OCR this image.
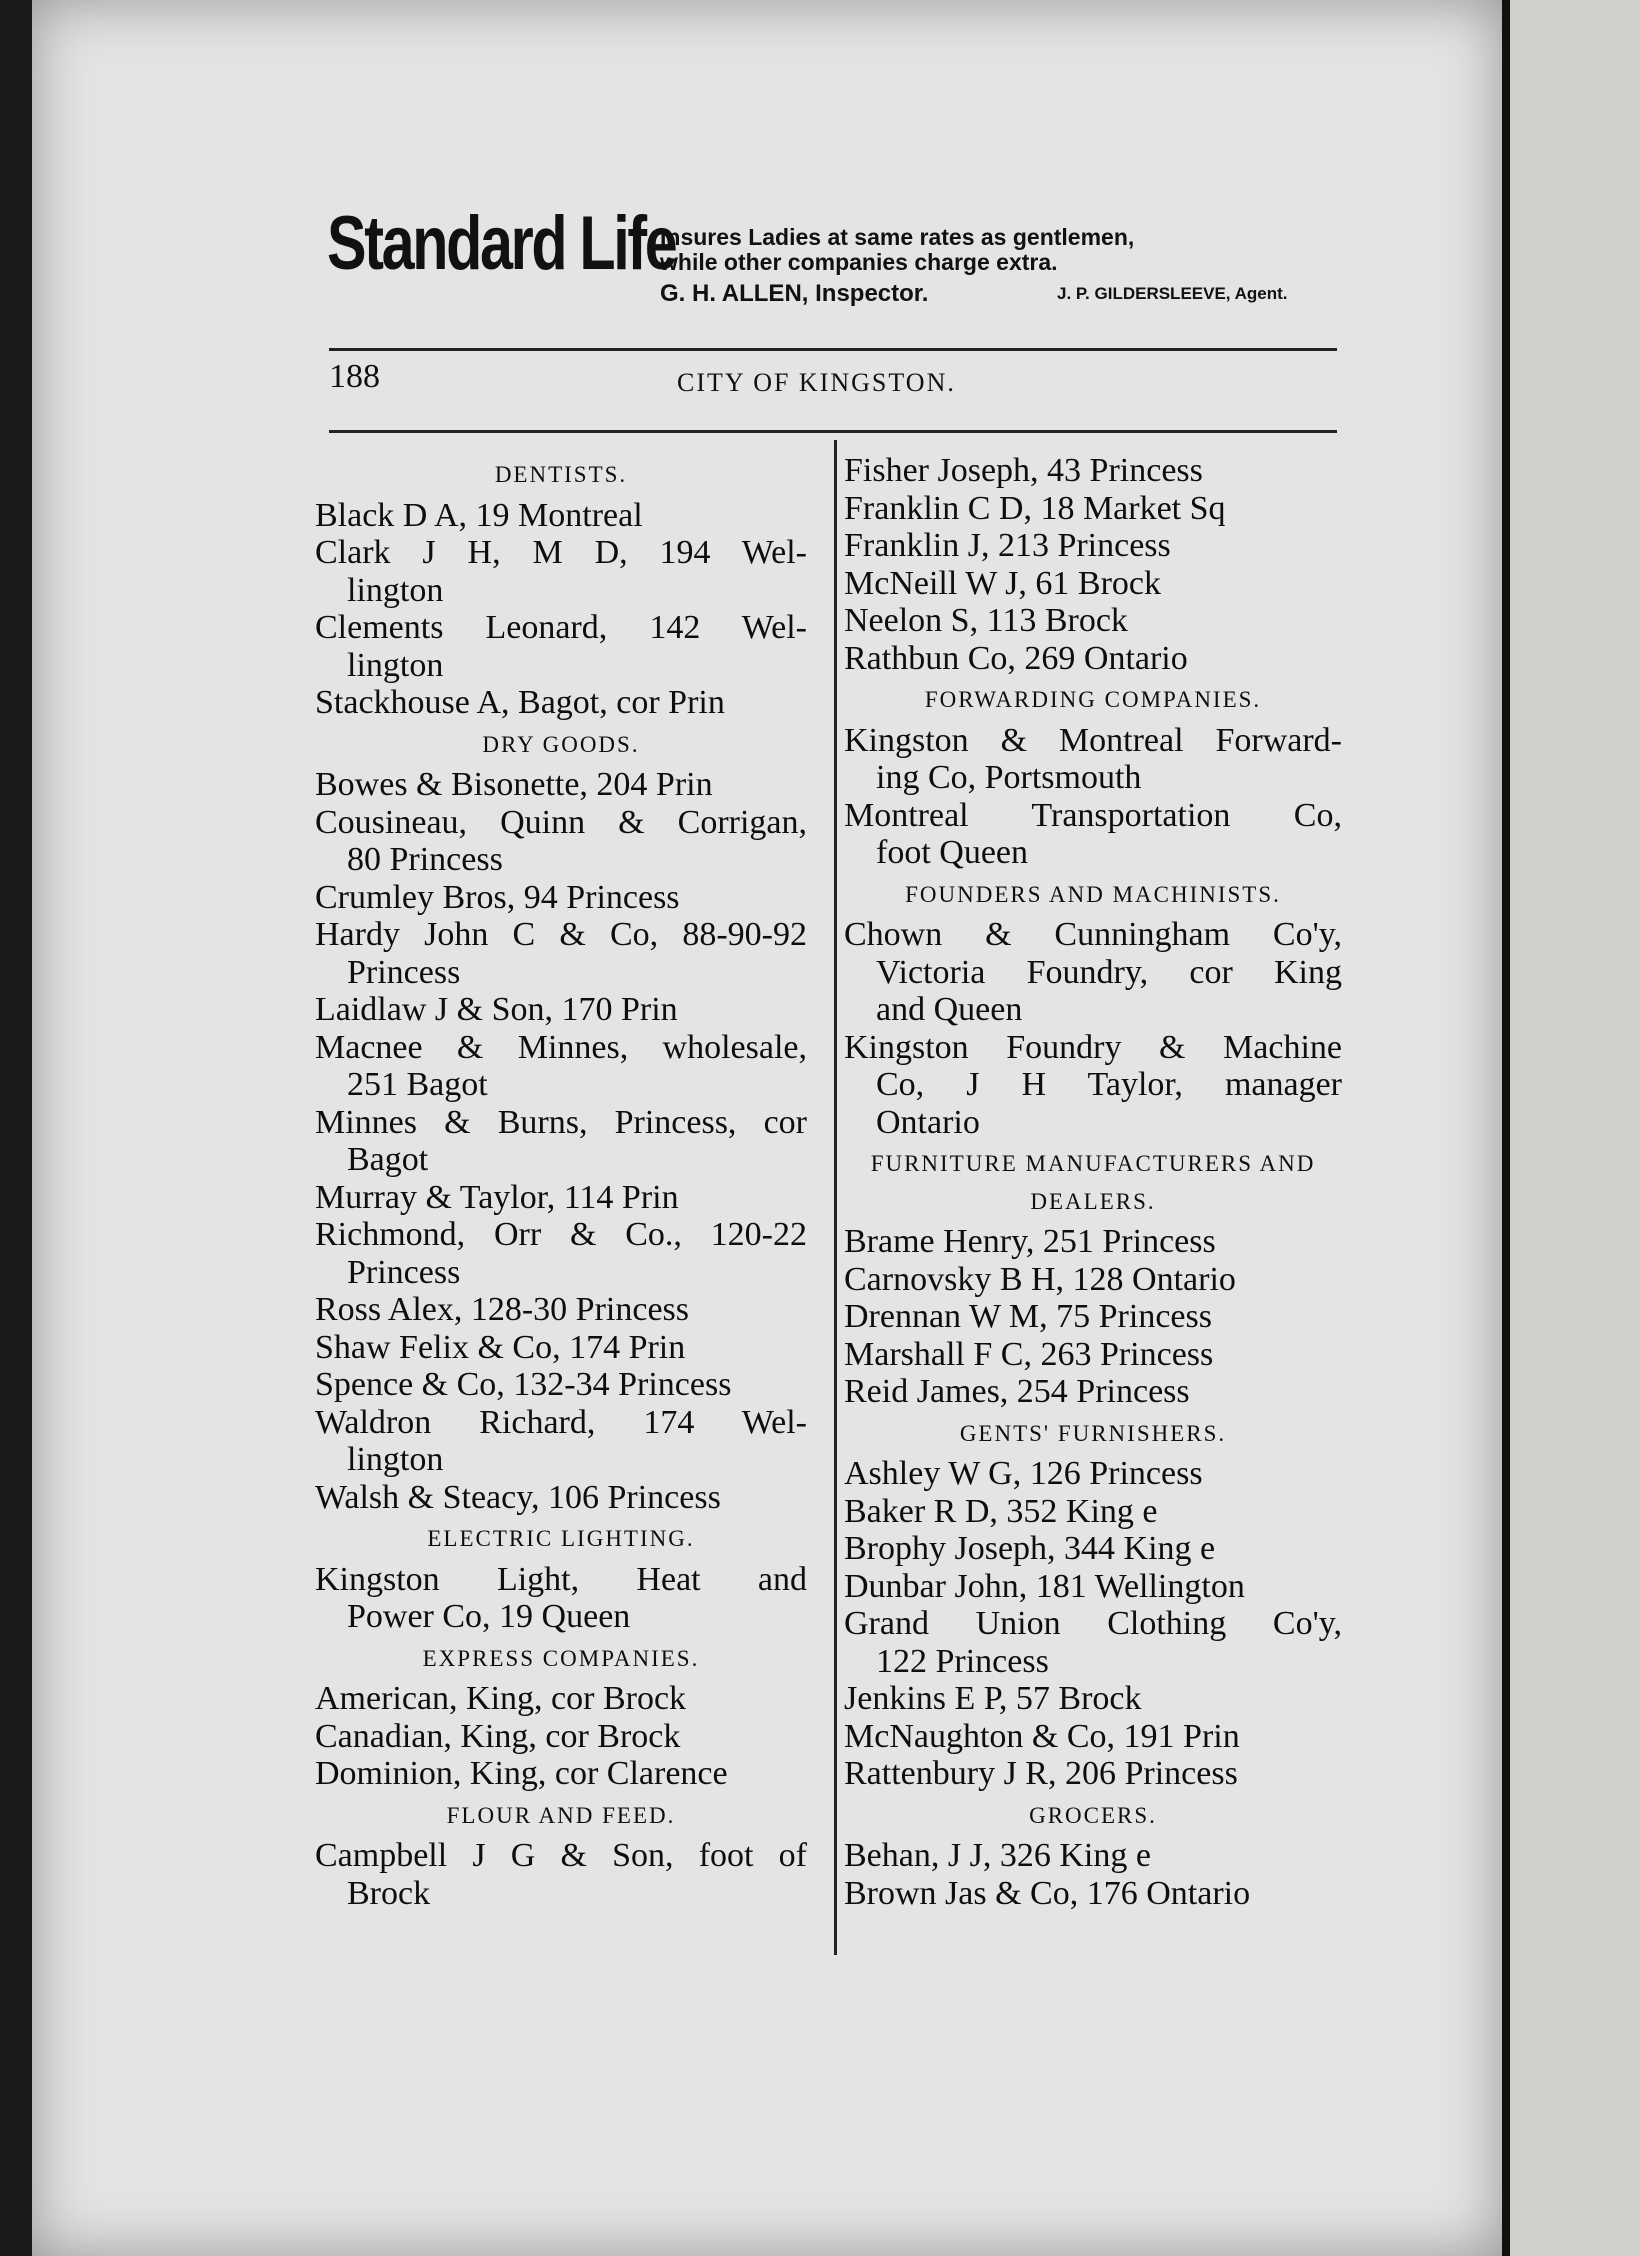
Standard Life
Insures Ladies at same rates as gentlemen,
while other companies charge extra.
G. H. ALLEN, Inspector.	J. P. GILDERSLEEVE, Agent.
188	CITY OF KINGSTON.
DENTISTS.
Black D A, 19 Montreal
Clark J H, M D, 194 Wel-
lington
Clements Leonard, 142 Wel-
lington
Stackhouse A, Bagot, cor Prin
DRY GOODS.
Bowes & Bisonette, 204 Prin
Cousineau, Quinn & Corrigan,
80 Princess
Crumley Bros, 94 Princess
Hardy John C & Co, 88-90-92
Princess
Laidlaw J & Son, 170 Prin
Macnee & Minnes, wholesale,
251 Bagot
Minnes & Burns, Princess, cor
Bagot
Murray & Taylor, 114 Prin
Richmond, Orr & Co., 120-22
Princess
Ross Alex, 128-30 Princess
Shaw Felix & Co, 174 Prin
Spence & Co, 132-34 Princess
Waldron Richard, 174 Wel-
lington
Walsh & Steacy, 106 Princess
ELECTRIC LIGHTING.
Kingston Light, Heat and
Power Co, 19 Queen
EXPRESS COMPANIES.
American, King, cor Brock
Canadian, King, cor Brock
Dominion, King, cor Clarence
FLOUR AND FEED.
Campbell J G & Son, foot of
Brock
Fisher Joseph, 43 Princess
Franklin C D, 18 Market Sq
Franklin J, 213 Princess
McNeill W J, 61 Brock
Neelon S, 113 Brock
Rathbun Co, 269 Ontario
FORWARDING COMPANIES.
Kingston & Montreal Forward-
ing Co, Portsmouth
Montreal Transportation Co,
foot Queen
FOUNDERS AND MACHINISTS.
Chown & Cunningham Co'y,
Victoria Foundry, cor King
and Queen
Kingston Foundry & Machine
Co, J H Taylor, manager
Ontario
FURNITURE MANUFACTURERS AND DEALERS.
Brame Henry, 251 Princess
Carnovsky B H, 128 Ontario
Drennan W M, 75 Princess
Marshall F C, 263 Princess
Reid James, 254 Princess
GENTS' FURNISHERS.
Ashley W G, 126 Princess
Baker R D, 352 King e
Brophy Joseph, 344 King e
Dunbar John, 181 Wellington
Grand Union Clothing Co'y,
122 Princess
Jenkins E P, 57 Brock
McNaughton & Co, 191 Prin
Rattenbury J R, 206 Princess
GROCERS.
Behan, J J, 326 King e
Brown Jas & Co, 176 Ontario
